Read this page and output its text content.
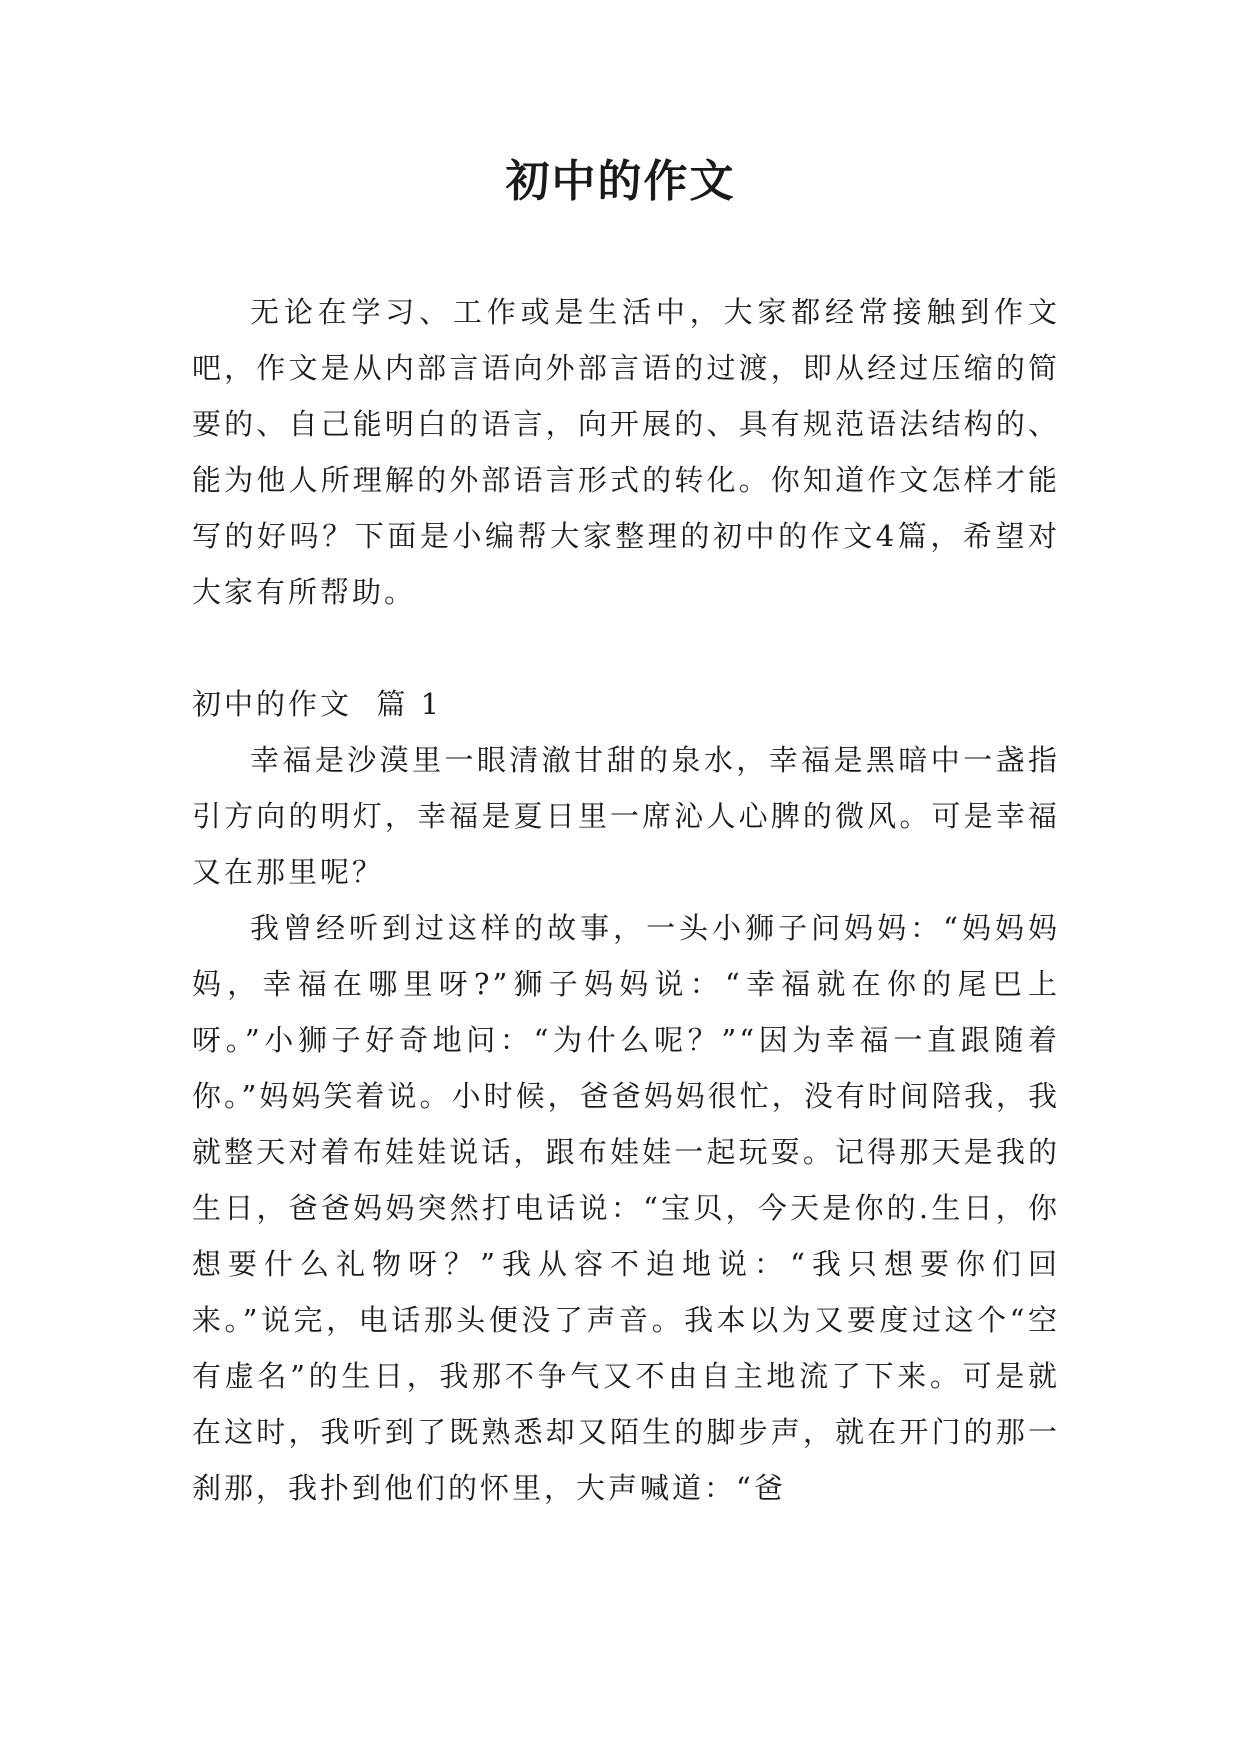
初中的作文

无论在学习、工作或是生活中，大家都经常接触到作文吧，作文是从内部言语向外部言语的过渡，即从经过压缩的简要的、自己能明白的语言，向开展的、具有规范语法结构的、能为他人所理解的外部语言形式的转化。你知道作文怎样才能写的好吗？下面是小编帮大家整理的初中的作文4篇，希望对大家有所帮助。

初中的作文  篇 1

幸福是沙漠里一眼清澈甘甜的泉水，幸福是黑暗中一盏指引方向的明灯，幸福是夏日里一席沁人心脾的微风。可是幸福又在那里呢？

我曾经听到过这样的故事，一头小狮子问妈妈：“妈妈妈妈，幸福在哪里呀?”狮子妈妈说：“幸福就在你的尾巴上呀。”小狮子好奇地问：“为什么呢？”“因为幸福一直跟随着你。”妈妈笑着说。小时候，爸爸妈妈很忙，没有时间陪我，我就整天对着布娃娃说话，跟布娃娃一起玩耍。记得那天是我的生日，爸爸妈妈突然打电话说：“宝贝，今天是你的.生日，你想要什么礼物呀？”我从容不迫地说：“我只想要你们回来。”说完，电话那头便没了声音。我本以为又要度过这个“空有虚名”的生日，我那不争气又不由自主地流了下来。可是就在这时，我听到了既熟悉却又陌生的脚步声，就在开门的那一刹那，我扑到他们的怀里，大声喊道：“爸
